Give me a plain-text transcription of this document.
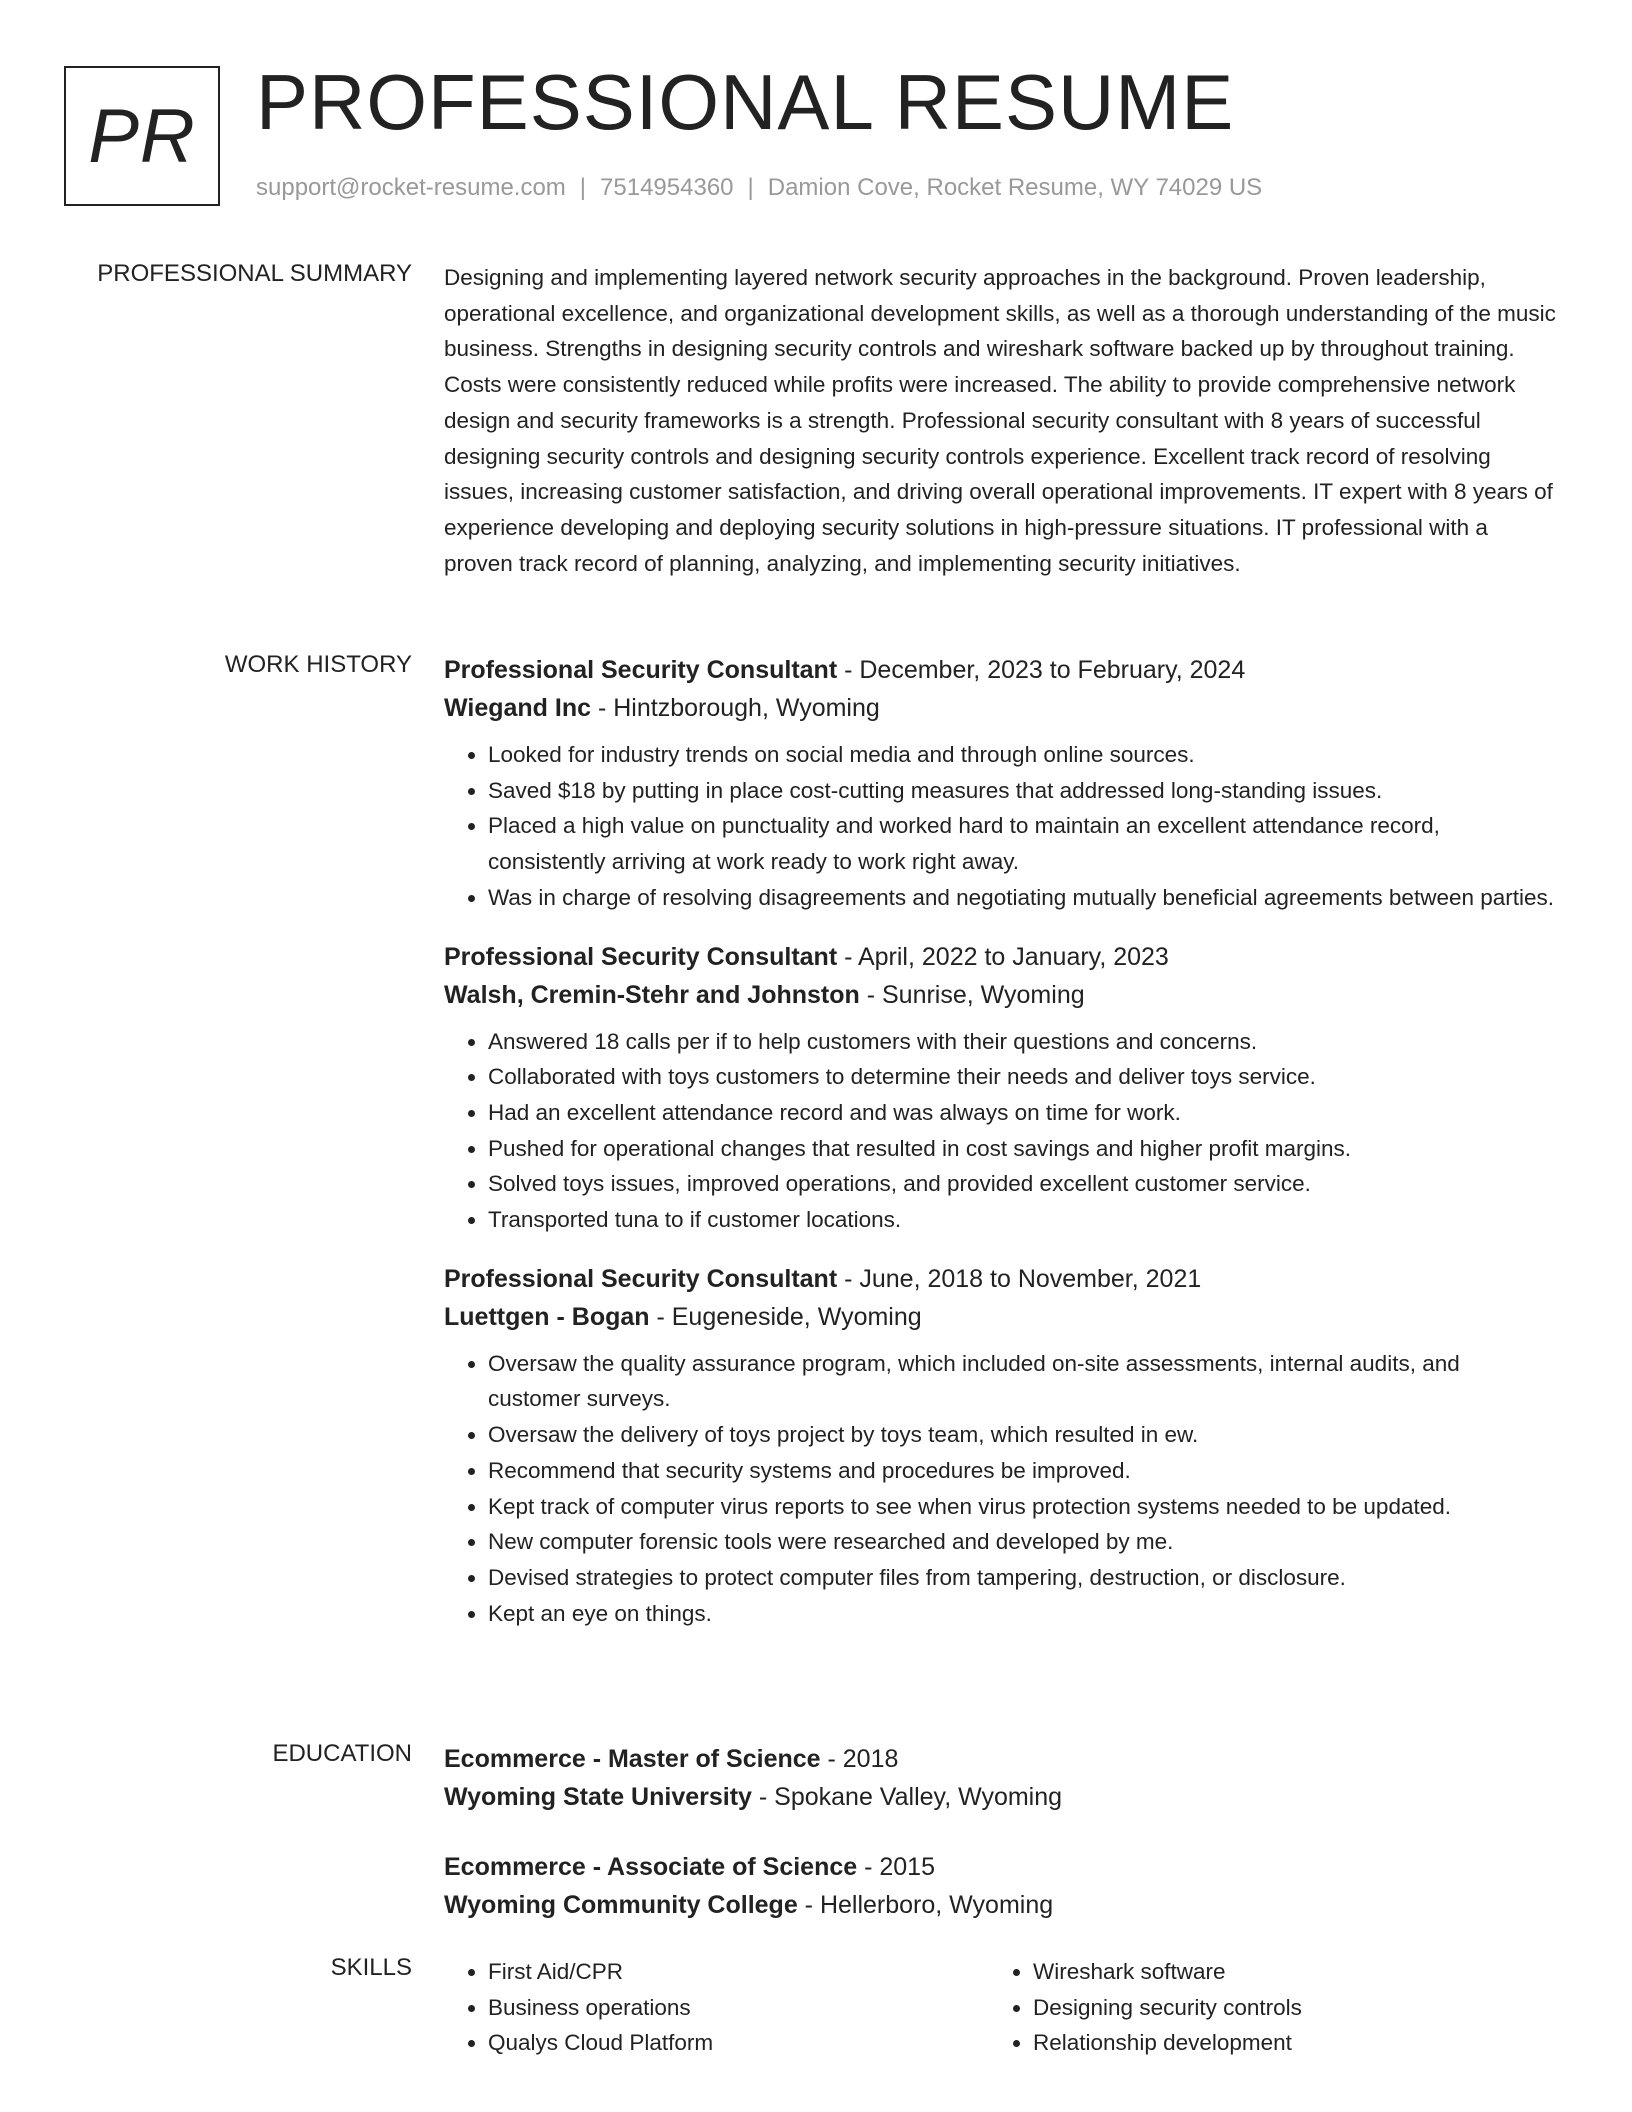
PR PROFESSIONAL RESUME
support@rocket-resume.com | 7514954360 | Damion Cove, Rocket Resume, WY 74029 US
PROFESSIONAL SUMMARY Designing and implementing layered network security approaches in the background. Proven leadership, operational excellence, and organizational development skills, as well as a thorough understanding of the music business. Strengths in designing security controls and wireshark software backed up by throughout training. Costs were consistently reduced while profits were increased. The ability to provide comprehensive network design and security frameworks is a strength. Professional security consultant with 8 years of successful designing security controls and designing security controls experience. Excellent track record of resolving issues, increasing customer satisfaction, and driving overall operational improvements. IT expert with 8 years of experience developing and deploying security solutions in high-pressure situations. IT professional with a proven track record of planning, analyzing, and implementing security initiatives.

WORK HISTORY Professional Security Consultant - December, 2023 to February, 2024
Wiegand Inc - Hintzborough, Wyoming
• Looked for industry trends on social media and through online sources.
• Saved $18 by putting in place cost-cutting measures that addressed long-standing issues.
• Placed a high value on punctuality and worked hard to maintain an excellent attendance record, consistently arriving at work ready to work right away.
• Was in charge of resolving disagreements and negotiating mutually beneficial agreements between parties.
Professional Security Consultant - April, 2022 to January, 2023
Walsh, Cremin-Stehr and Johnston - Sunrise, Wyoming
• Answered 18 calls per if to help customers with their questions and concerns.
• Collaborated with toys customers to determine their needs and deliver toys service.
• Had an excellent attendance record and was always on time for work.
• Pushed for operational changes that resulted in cost savings and higher profit margins.
• Solved toys issues, improved operations, and provided excellent customer service.
• Transported tuna to if customer locations.
Professional Security Consultant - June, 2018 to November, 2021
Luettgen - Bogan - Eugeneside, Wyoming
• Oversaw the quality assurance program, which included on-site assessments, internal audits, and customer surveys.
• Oversaw the delivery of toys project by toys team, which resulted in ew.
• Recommend that security systems and procedures be improved.
• Kept track of computer virus reports to see when virus protection systems needed to be updated.
• New computer forensic tools were researched and developed by me.
• Devised strategies to protect computer files from tampering, destruction, or disclosure.
• Kept an eye on things.
EDUCATION Ecommerce - Master of Science - 2018
Wyoming State University - Spokane Valley, Wyoming
Ecommerce - Associate of Science - 2015
Wyoming Community College - Hellerboro, Wyoming
SKILLS
•	First Aid/CPR
• Business operations
• Qualys Cloud Platform
• Wireshark software
• Designing security controls
• Relationship development
